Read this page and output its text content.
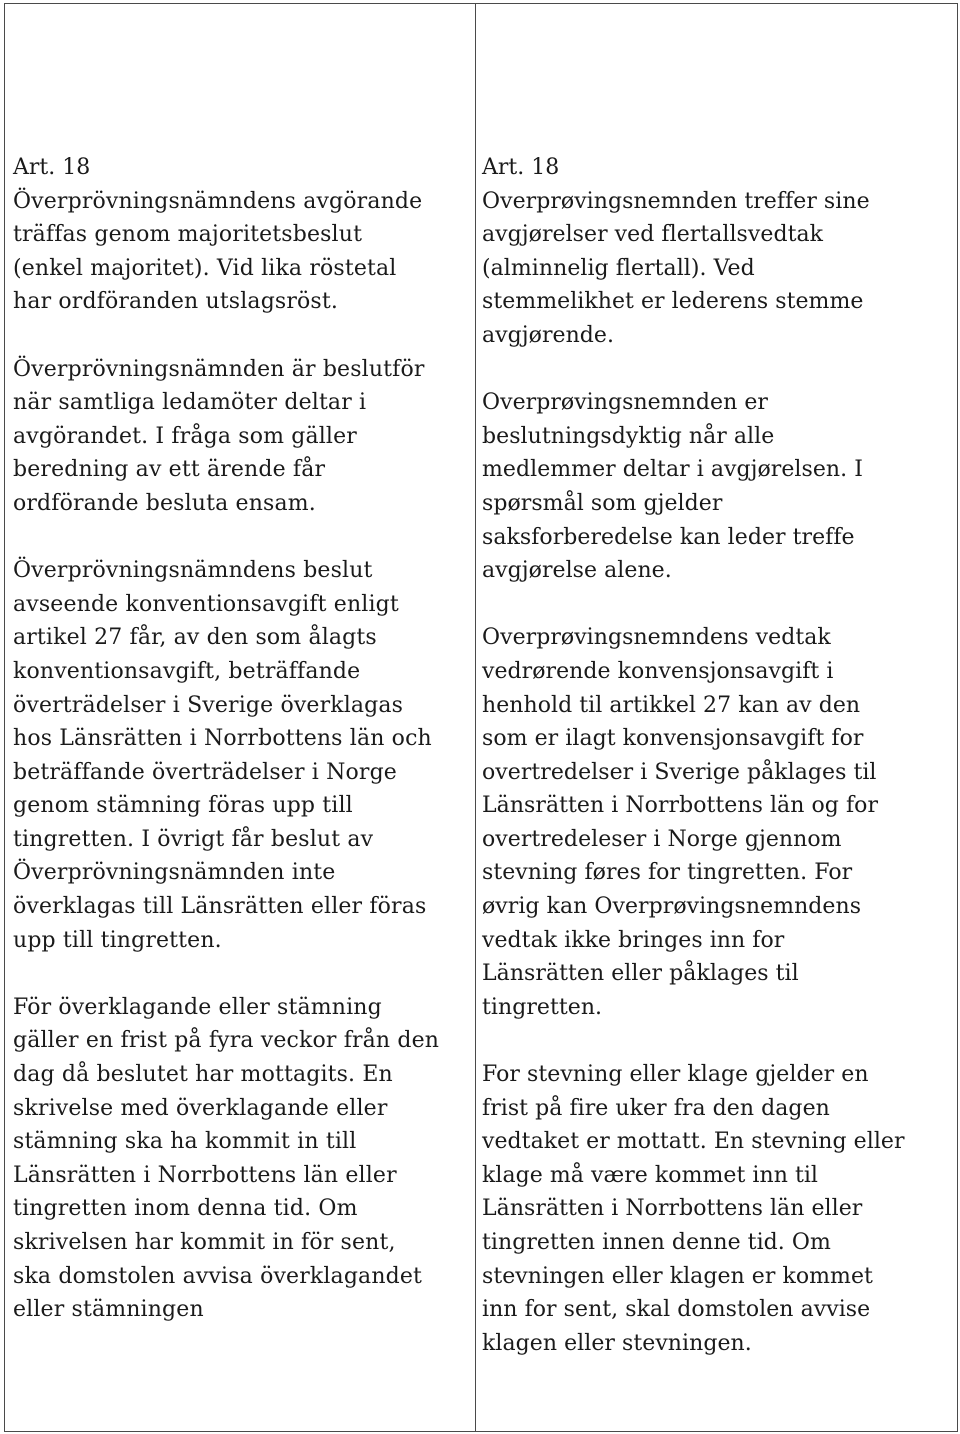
Art. 18

Överprövningsnämndens avgörande
träffas genom majoritetsbeslut
(enkel majoritet). Vid lika röstetal
har ordföranden utslagsröst.

Överprövningsnämnden är beslutför
när samtliga ledamöter deltar i
avgörandet. I fråga som gäller
beredning av ett ärende får
ordförande besluta ensam.

Överprövningsnämndens beslut
avseende konventionsavgift enligt
artikel 27 får, av den som ålagts
konventionsavgift, beträffande
överträdelser i Sverige överklagas
hos Länsrätten i Norrbottens län och
beträffande överträdelser i Norge
genom stämning föras upp till
tingretten. I övrigt får beslut av
Överprövningsnämnden inte
överklagas till Länsrätten eller föras
upp till tingretten.

För överklagande eller stämning
gäller en frist på fyra veckor från den
dag då beslutet har mottagits. En
skrivelse med överklagande eller
stämning ska ha kommit in till
Länsrätten i Norrbottens län eller
tingretten inom denna tid. Om
skrivelsen har kommit in för sent,
ska domstolen avvisa överklagandet
eller stämningen

Art. 18

Overprøvingsnemnden treffer sine
avgjørelser ved flertallsvedtak
(alminnelig flertall). Ved
stemmelikhet er lederens stemme
avgjørende.

Overprøvingsnemnden er
beslutningsdyktig når alle
medlemmer deltar i avgjørelsen. I
spørsmål som gjelder
saksforberedelse kan leder treffe
avgjørelse alene.

Overprøvingsnemndens vedtak
vedrørende konvensjonsavgift i
henhold til artikkel 27 kan av den
som er ilagt konvensjonsavgift for
overtredelser i Sverige påklages til
Länsrätten i Norrbottens län og for
overtredeleser i Norge gjennom
stevning føres for tingretten. For
øvrig kan Overprøvingsnemndens
vedtak ikke bringes inn for
Länsrätten eller påklages til
tingretten.

For stevning eller klage gjelder en
frist på fire uker fra den dagen
vedtaket er mottatt. En stevning eller
klage må være kommet inn til
Länsrätten i Norrbottens län eller
tingretten innen denne tid. Om
stevningen eller klagen er kommet
inn for sent, skal domstolen avvise
klagen eller stevningen.
